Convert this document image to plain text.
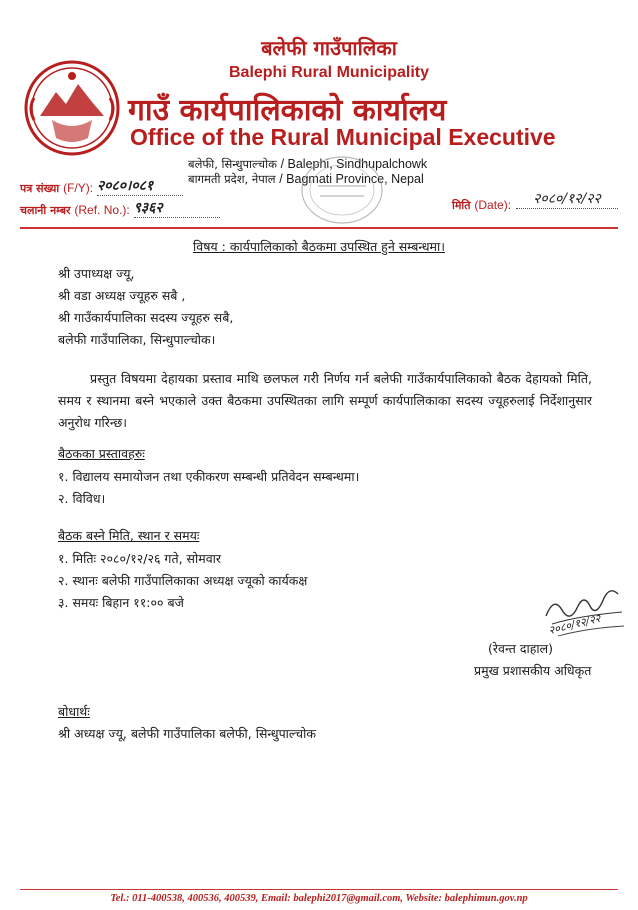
बलेफी गाउँपालिका
Balephi Rural Municipality
गाउँ कार्यपालिकाको कार्यालय
Office of the Rural Municipal Executive
बलेफी, सिन्धुपाल्चोक / Balephi, Sindhupalchowk
बागमती प्रदेश, नेपाल / Bagmati Province, Nepal
पत्र संख्या (F/Y): २०८०।०८१
चलानी नम्बर (Ref. No.): ९३६२	मिति (Date):	२०८०/१२/२२
विषय : कार्यपालिकाको बैठकमा उपस्थित हुने सम्बन्धमा।
श्री उपाध्यक्ष ज्यू,
श्री वडा अध्यक्ष ज्यूहरु सबै ,
श्री गाउँकार्यपालिका सदस्य ज्यूहरु सबै,
बलेफी गाउँपालिका, सिन्धुपाल्चोक।
प्रस्तुत विषयमा देहायका प्रस्ताव माथि छलफल गरी निर्णय गर्न बलेफी गाउँकार्यपालिकाको बैठक देहायको मिति, समय र स्थानमा बस्ने भएकाले उक्त बैठकमा उपस्थितका लागि सम्पूर्ण कार्यपालिकाका सदस्य ज्यूहरुलाई निर्देशानुसार अनुरोध गरिन्छ।
बैठकका प्रस्तावहरुः
१. विद्यालय समायोजन तथा एकीकरण सम्बन्धी प्रतिवेदन सम्बन्धमा।
२. विविध।
बैठक बस्ने मिति, स्थान र समयः
१. मितिः २०८०/१२/२६ गते, सोमवार
२. स्थानः बलेफी गाउँपालिकाका अध्यक्ष ज्यूको कार्यकक्ष
३. समयः बिहान ११:०० बजे
२०८०/१२/२२
(रेवन्त दाहाल)
प्रमुख प्रशासकीय अधिकृत
बोधार्थः
श्री अध्यक्ष ज्यू, बलेफी गाउँपालिका बलेफी, सिन्धुपाल्चोक
Tel.: 011-400538, 400536, 400539, Email: balephi2017@gmail.com, Website: balephimun.gov.np
